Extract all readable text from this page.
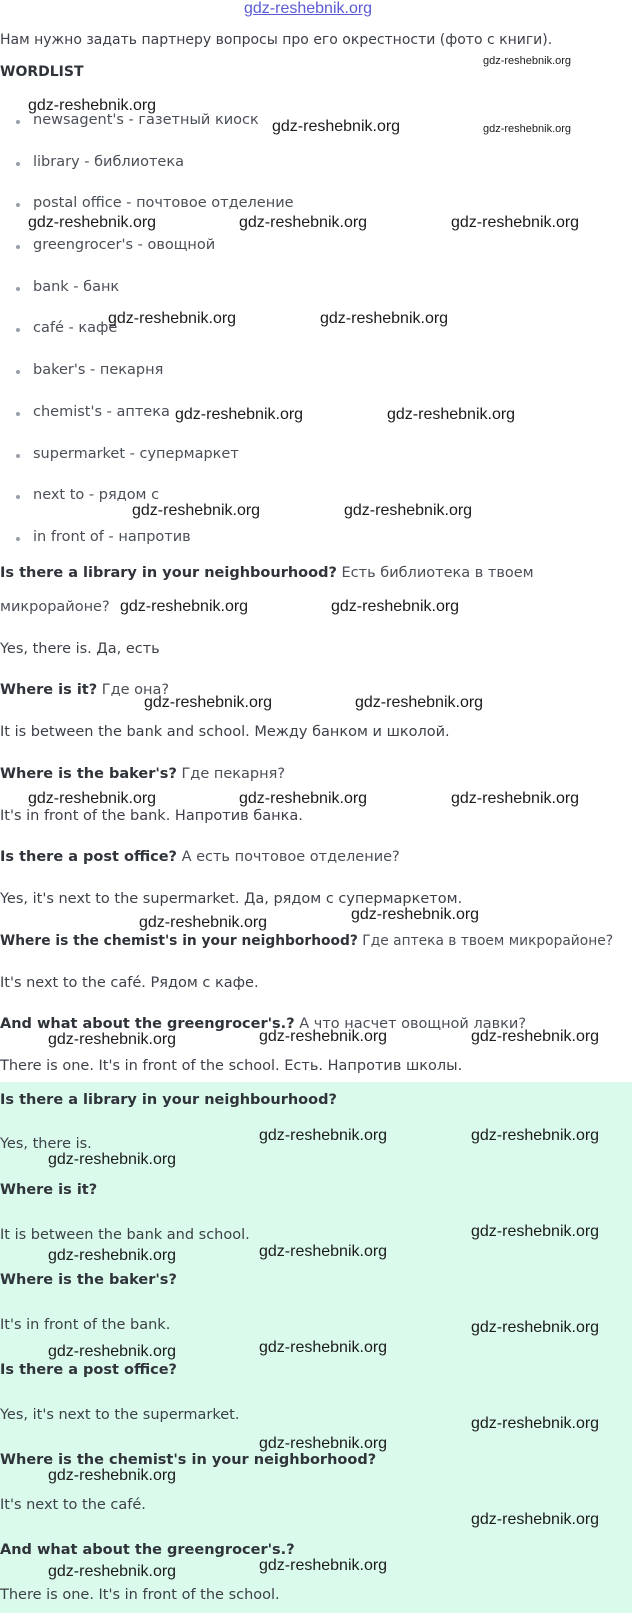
gdz-reshebnik.org
Нам нужно задать партнеру вопросы про его окрестности (фото с книги).
WORDLIST
newsagent's - газетный киоск
library - библиотека
postal office - почтовое отделение
greengrocer's - овощной
bank - банк
café - кафе
baker's - пекарня
chemist's - аптека
supermarket - супермаркет
next to - рядом с
in front of - напротив
Is there a library in your neighbourhood? Есть библиотека в твоем
микрорайоне?
Yes, there is. Да, есть
Where is it? Где она?
It is between the bank and school. Между банком и школой.
Where is the baker's? Где пекарня?
It's in front of the bank. Напротив банка.
Is there a post office? А есть почтовое отделение?
Yes, it's next to the supermarket. Да, рядом с супермаркетом.
Where is the chemist's in your neighborhood? Где аптека в твоем микрорайоне?
It's next to the café. Рядом с кафе.
And what about the greengrocer's.? А что насчет овощной лавки?
There is one. It's in front of the school. Есть. Напротив школы.
Is there a library in your neighbourhood?
Yes, there is.
Where is it?
It is between the bank and school.
Where is the baker's?
It's in front of the bank.
Is there a post office?
Yes, it's next to the supermarket.
Where is the chemist's in your neighborhood?
It's next to the café.
And what about the greengrocer's.?
There is one. It's in front of the school.
gdz-reshebnik.org
gdz-reshebnik.org
gdz-reshebnik.org	gdz-reshebnik.org
gdz-reshebnik.org	gdz-reshebnik.org	gdz-reshebnik.org
gdz-reshebnik.org	gdz-reshebnik.org
gdz-reshebnik.org	gdz-reshebnik.org
gdz-reshebnik.org	gdz-reshebnik.org
gdz-reshebnik.org	gdz-reshebnik.org
gdz-reshebnik.org	gdz-reshebnik.org
gdz-reshebnik.org	gdz-reshebnik.org	gdz-reshebnik.org
gdz-reshebnik.org
gdz-reshebnik.org
gdz-reshebnik.org	gdz-reshebnik.org	gdz-reshebnik.org
gdz-reshebnik.org	gdz-reshebnik.org
gdz-reshebnik.org
gdz-reshebnik.org
gdz-reshebnik.org
gdz-reshebnik.org
gdz-reshebnik.org
gdz-reshebnik.org
gdz-reshebnik.org
gdz-reshebnik.org
gdz-reshebnik.org
gdz-reshebnik.org
gdz-reshebnik.org
gdz-reshebnik.org
gdz-reshebnik.org
